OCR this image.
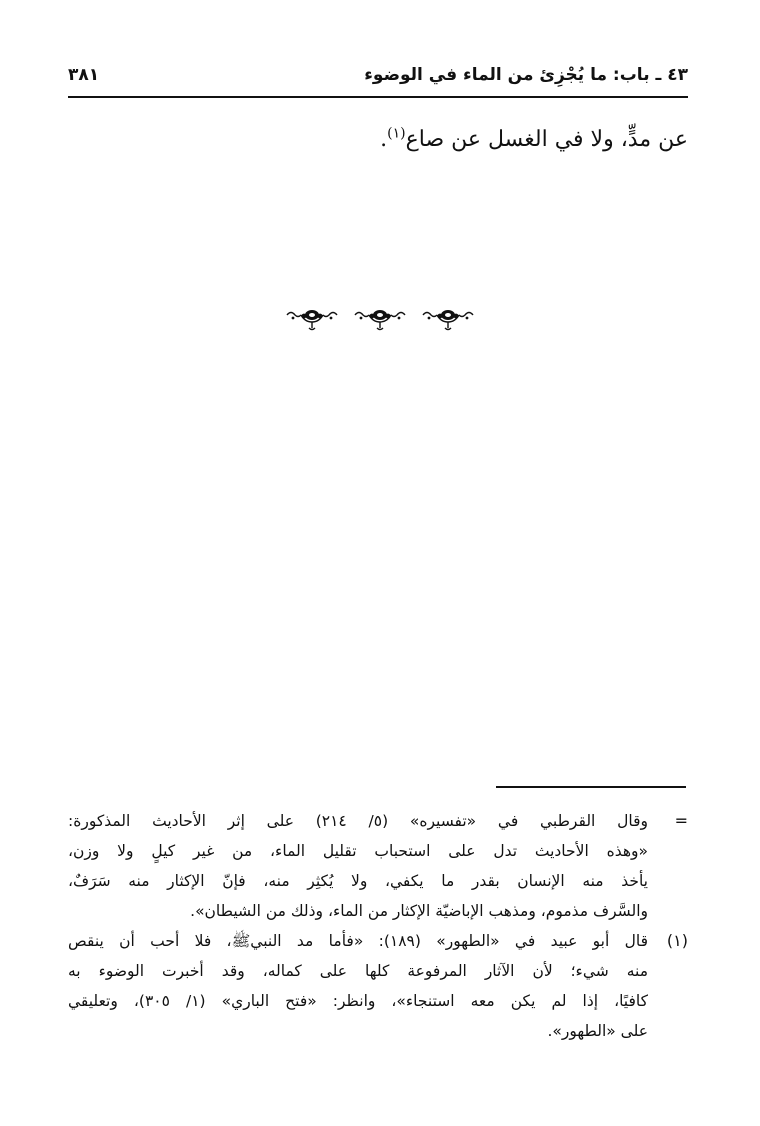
٤٣ ـ باب: ما يُجْزِئ من الماء في الوضوء
٣٨١
عن مدٍّ، ولا في الغسل عن صاع$^{(١)}$.
=
وقال القرطبي في «تفسيره» (٥/ ٢١٤) على إثر الأحاديث المذكورة:
«وهذه الأحاديث تدل على استحباب تقليل الماء، من غير كيلٍ ولا وزن،
يأخذ منه الإنسان بقدر ما يكفي، ولا يُكثِر منه، فإنّ الإكثار منه سَرَفٌ،
والسَّرف مذموم، ومذهب الإباضيّة الإكثار من الماء، وذلك من الشيطان».
(١)
قال أبو عبيد في «الطهور» (١٨٩): «فأما مد النبيﷺ، فلا أحب أن ينقص
منه شيء؛ لأن الآثار المرفوعة كلها على كماله، وقد أخبرت الوضوء به
كافيًا، إذا لم يكن معه استنجاء»، وانظر: «فتح الباري» (١/ ٣٠٥)، وتعليقي
على «الطهور».
